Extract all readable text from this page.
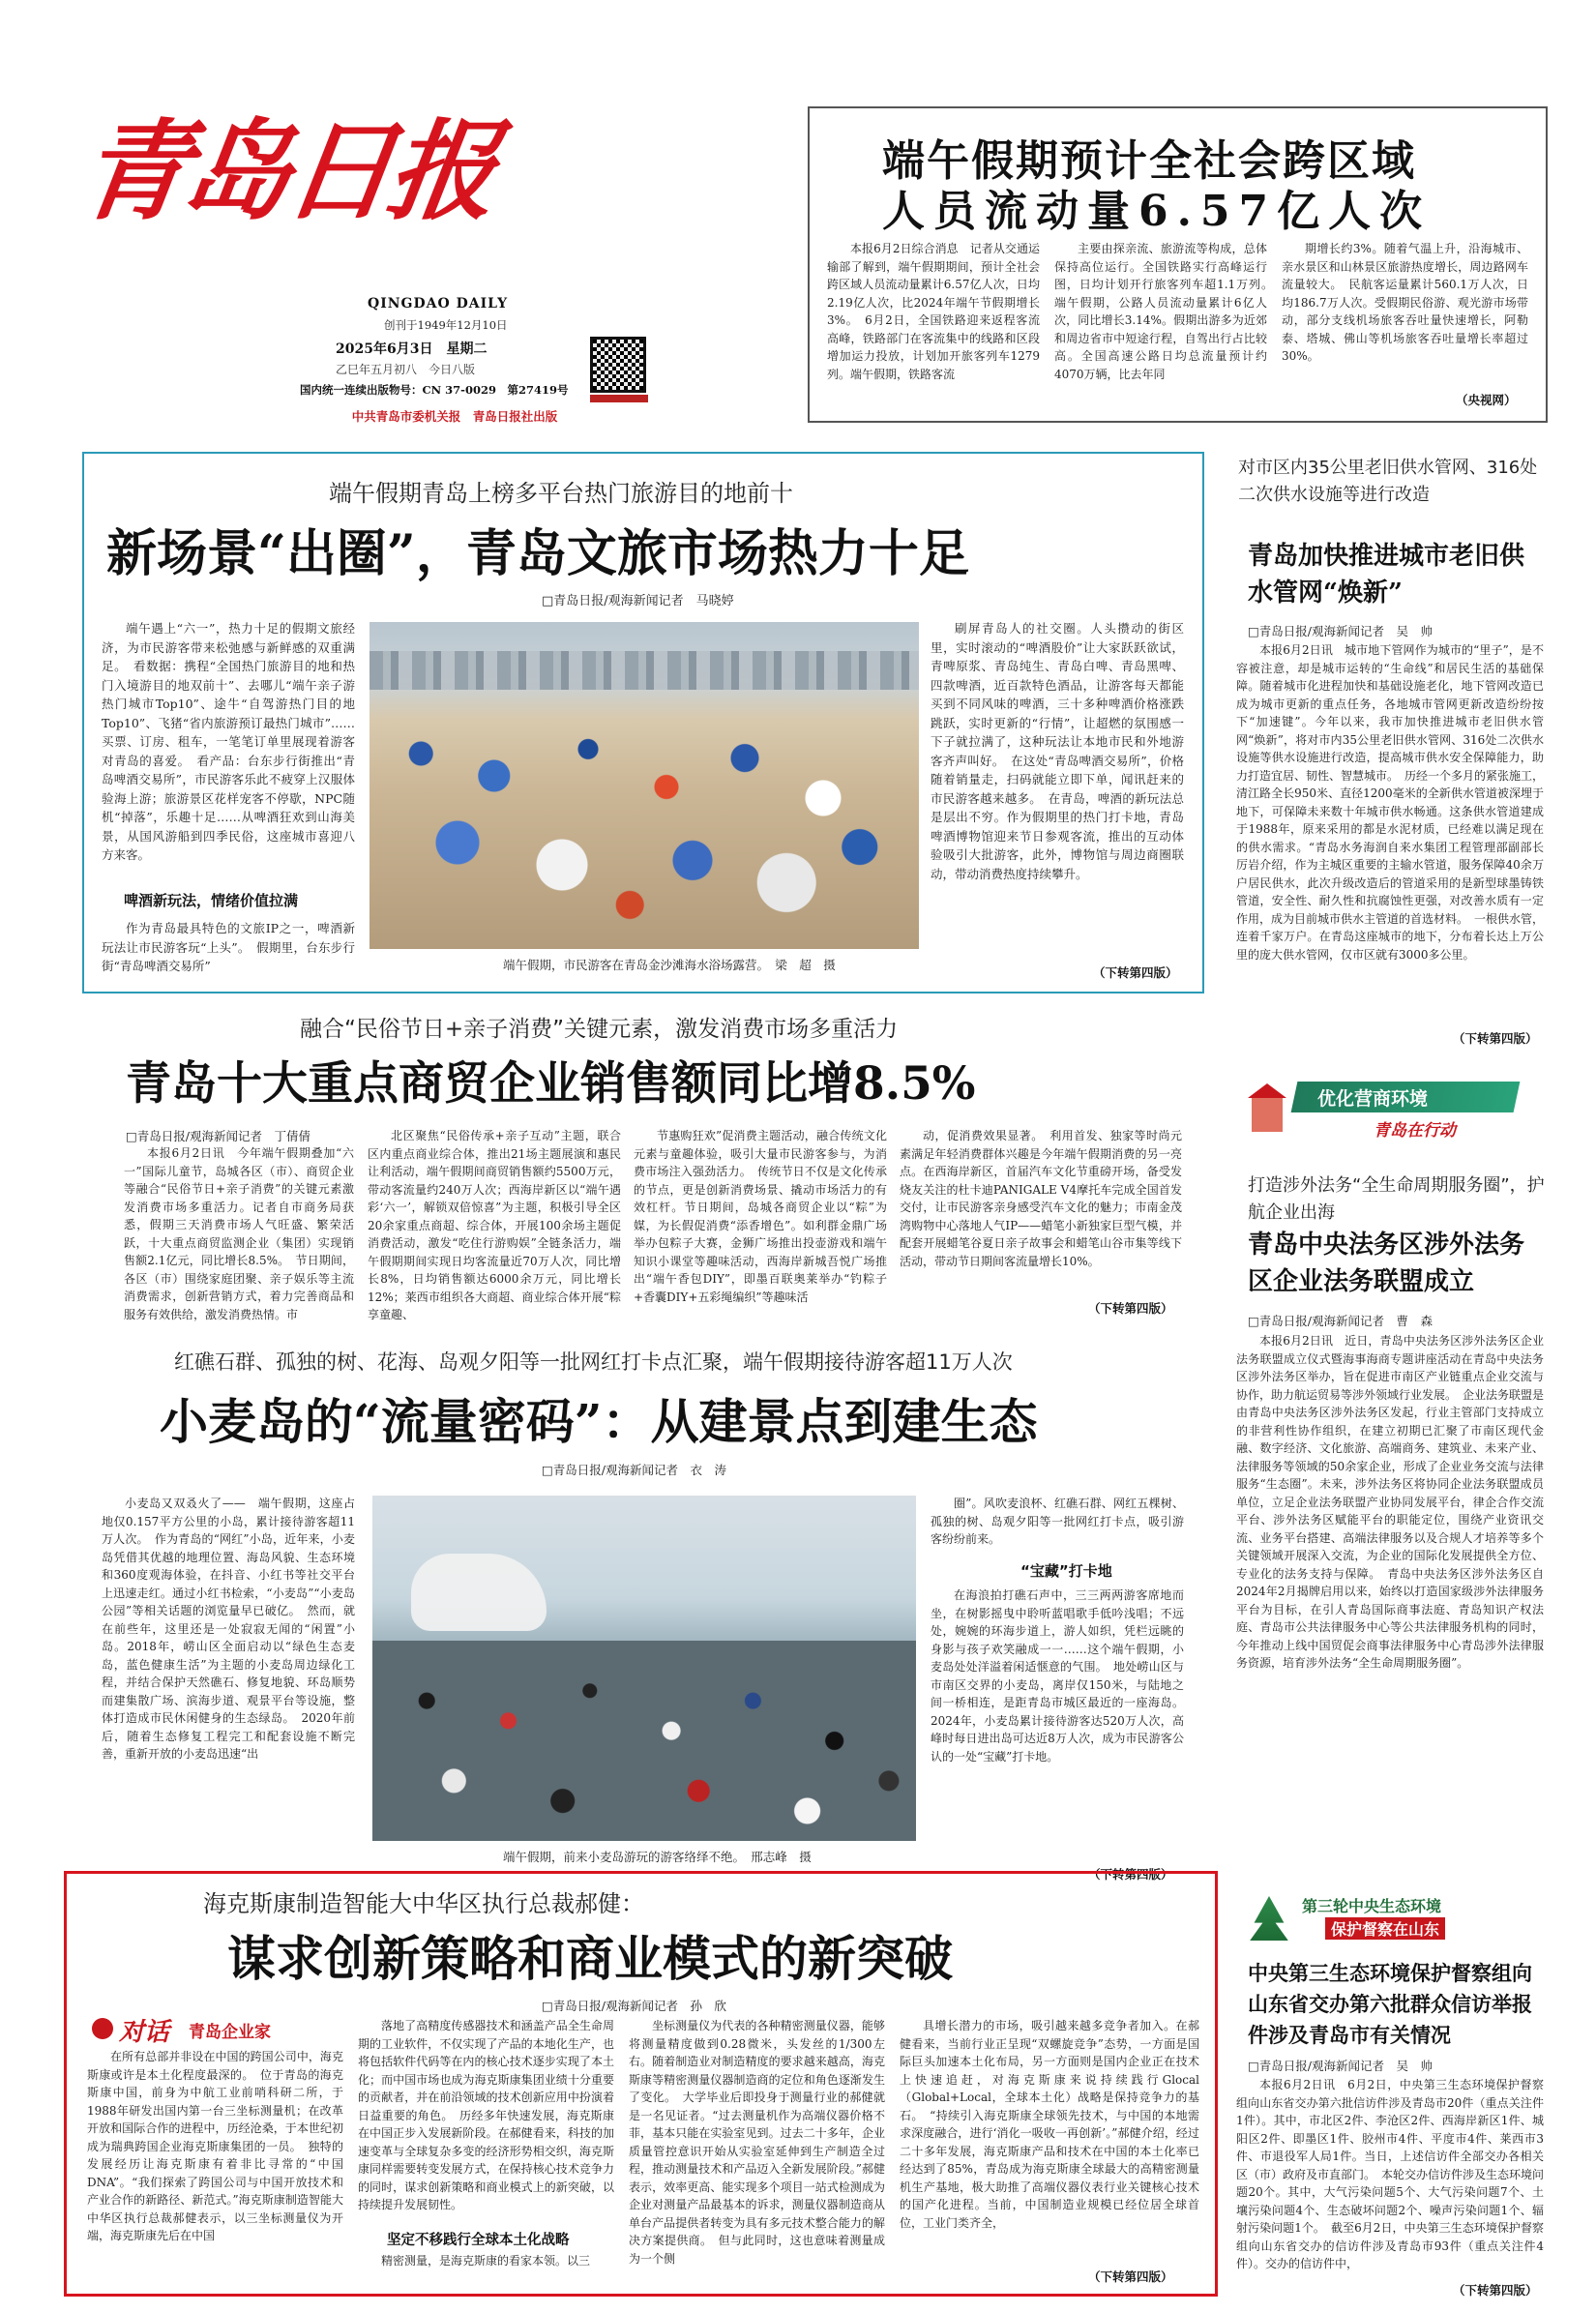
青岛日报
QINGDAO DAILY
创刊于1949年12月10日
2025年6月3日　星期二
乙巳年五月初八　今日八版
国内统一连续出版物号：CN 37-0029　第27419号
中共青岛市委机关报　青岛日报社出版
端午假期预计全社会跨区域
人员流动量6.57亿人次

本报6月2日综合消息　记者从交通运输部了解到，端午假期期间，预计全社会跨区域人员流动量累计6.57亿人次，日均2.19亿人次，比2024年端午节假期增长3%。　6月2日，全国铁路迎来返程客流高峰，铁路部门在客流集中的线路和区段增加运力投放，计划加开旅客列车1279列。端午假期，铁路客流

主要由探亲流、旅游流等构成，总体保持高位运行。全国铁路实行高峰运行图，日均计划开行旅客列车超1.1万列。　端午假期，公路人员流动量累计6亿人次，同比增长3.14%。假期出游多为近郊和周边省市中短途行程，自驾出行占比较高。全国高速公路日均总流量预计约4070万辆，比去年同

期增长约3%。随着气温上升，沿海城市、亲水景区和山林景区旅游热度增长，周边路网车流量较大。　民航客运量累计560.1万人次，日均186.7万人次。受假期民俗游、观光游市场带动，部分支线机场旅客吞吐量快速增长，阿勒泰、塔城、佛山等机场旅客吞吐量增长率超过30%。

（央视网）
端午假期青岛上榜多平台热门旅游目的地前十
新场景“出圈”，青岛文旅市场热力十足
□青岛日报/观海新闻记者　马晓婷

端午遇上“六一”，热力十足的假期文旅经济，为市民游客带来松弛感与新鲜感的双重满足。　看数据：携程“全国热门旅游目的地和热门入境游目的地双前十”、去哪儿“端午亲子游热门城市Top10”、途牛“自驾游热门目的地Top10”、飞猪“省内旅游预订最热门城市”……买票、订房、租车，一笔笔订单里展现着游客对青岛的喜爱。　看产品：台东步行街推出“青岛啤酒交易所”，市民游客乐此不疲穿上汉服体验海上游；旅游景区花样宠客不停歇，NPC随机“掉落”，乐趣十足……从啤酒狂欢到山海美景，从国风游船到四季民俗，这座城市喜迎八方来客。

啤酒新玩法，情绪价值拉满

作为青岛最具特色的文旅IP之一，啤酒新玩法让市民游客玩“上头”。　假期里，台东步行街“青岛啤酒交易所”	端午假期，市民游客在青岛金沙滩海水浴场露营。　梁　超　摄

刷屏青岛人的社交圈。人头攒动的街区里，实时滚动的“啤酒股价”让大家跃跃欲试，青啤原浆、青岛纯生、青岛白啤、青岛黑啤、四款啤酒，近百款特色酒品，让游客每天都能买到不同风味的啤酒，三十多种啤酒价格涨跌跳跃，实时更新的“行情”，让超燃的氛围感一下子就拉满了，这种玩法让本地市民和外地游客齐声叫好。　在这处“青岛啤酒交易所”，价格随着销量走，扫码就能立即下单，闻讯赶来的市民游客越来越多。　在青岛，啤酒的新玩法总是层出不穷。作为假期里的热门打卡地，青岛啤酒博物馆迎来节日参观客流，推出的互动体验吸引大批游客，此外，博物馆与周边商圈联动，带动消费热度持续攀升。

（下转第四版）
对市区内35公里老旧供水管网、316处二次供水设施等进行改造
青岛加快推进城市老旧供水管网“焕新”
□青岛日报/观海新闻记者　吴　帅

本报6月2日讯　城市地下管网作为城市的“里子”，是不容被注意，却是城市运转的“生命线”和居民生活的基础保障。随着城市化进程加快和基础设施老化，地下管网改造已成为城市更新的重点任务，各地城市管网更新改造纷纷按下“加速键”。今年以来，我市加快推进城市老旧供水管网“焕新”，将对市内35公里老旧供水管网、316处二次供水设施等供水设施进行改造，提高城市供水安全保障能力，助力打造宜居、韧性、智慧城市。　历经一个多月的紧张施工，清江路全长950米、直径1200毫米的全新供水管道被深埋于地下，可保障未来数十年城市供水畅通。这条供水管道建成于1988年，原来采用的都是水泥材质，已经难以满足现在的供水需求。“青岛水务海润自来水集团工程管理部副部长厉岩介绍，作为主城区重要的主输水管道，服务保障40余万户居民供水，此次升级改造后的管道采用的是新型球墨铸铁管道，安全性、耐久性和抗腐蚀性更强，对改善水质有一定作用，成为目前城市供水主管道的首选材料。　一根供水管，连着千家万户。在青岛这座城市的地下，分布着长达上万公里的庞大供水管网，仅市区就有3000多公里。

（下转第四版）
融合“民俗节日+亲子消费”关键元素，激发消费市场多重活力
青岛十大重点商贸企业销售额同比增8.5%
□青岛日报/观海新闻记者　丁倩倩

本报6月2日讯　今年端午假期叠加“六一”国际儿童节，岛城各区（市）、商贸企业等融合“民俗节日+亲子消费”的关键元素激发消费市场多重活力。记者自市商务局获悉，假期三天消费市场人气旺盛、繁荣活跃，十大重点商贸监测企业（集团）实现销售额2.1亿元，同比增长8.5%。　节日期间，各区（市）围绕家庭团聚、亲子娱乐等主流消费需求，创新营销方式，着力完善商品和服务有效供给，激发消费热情。市

北区聚焦“民俗传承+亲子互动”主题，联合区内重点商业综合体，推出21场主题展演和惠民让利活动，端午假期间商贸销售额约5500万元，带动客流量约240万人次；西海岸新区以“端午遇彩‘六一’，解锁双倍惊喜”为主题，积极引导全区20余家重点商超、综合体，开展100余场主题促消费活动，激发“吃住行游购娱”全链条活力，端午假期期间实现日均客流量近70万人次，同比增长8%，日均销售额达6000余万元，同比增长12%；莱西市组织各大商超、商业综合体开展“粽享童趣、

节惠购狂欢”促消费主题活动，融合传统文化元素与童趣体验，吸引大量市民游客参与，为消费市场注入强劲活力。　传统节日不仅是文化传承的节点，更是创新消费场景、撬动市场活力的有效杠杆。节日期间，岛城各商贸企业以“粽”为媒，为长假促消费“添香增色”。如利群金鼎广场举办包粽子大赛，金狮广场推出投壶游戏和端午知识小课堂等趣味活动，西海岸新城吾悦广场推出“端午香包DIY”，即墨百联奥莱举办“钓粽子+香囊DIY+五彩绳编织”等趣味活

动，促消费效果显著。　利用首发、独家等时尚元素满足年轻消费群体兴趣是今年端午假期消费的另一亮点。在西海岸新区，首届汽车文化节重磅开场，备受发烧友关注的杜卡迪PANIGALE V4摩托车完成全国首发交付，让市民游客亲身感受汽车文化的魅力；市南金茂湾购物中心落地人气IP——蜡笔小新独家巨型气模，并配套开展蜡笔谷夏日亲子故事会和蜡笔山谷市集等线下活动，带动节日期间客流量增长10%。

（下转第四版）
优化营商环境
青岛在行动
打造涉外法务“全生命周期服务圈”，护航企业出海
青岛中央法务区涉外法务区企业法务联盟成立
□青岛日报/观海新闻记者　曹　森

本报6月2日讯　近日，青岛中央法务区涉外法务区企业法务联盟成立仪式暨海事海商专题讲座活动在青岛中央法务区涉外法务区举办，旨在促进市南区产业链重点企业交流与协作，助力航运贸易等涉外领域行业发展。　企业法务联盟是由青岛中央法务区涉外法务区发起，行业主管部门支持成立的非营利性协作组织，在建立初期已汇聚了市南区现代金融、数字经济、文化旅游、高端商务、建筑业、未来产业、法律服务等领域的50余家企业，形成了企业业务交流与法律服务“生态圈”。未来，涉外法务区将协同企业法务联盟成员单位，立足企业法务联盟产业协同发展平台，律企合作交流平台、涉外法务区赋能平台的职能定位，围绕产业资讯交流、业务平台搭建、高端法律服务以及合规人才培养等多个关键领域开展深入交流，为企业的国际化发展提供全方位、专业化的法务支持与保障。　青岛中央法务区涉外法务区自2024年2月揭牌启用以来，始终以打造国家级涉外法律服务平台为目标，在引人青岛国际商事法庭、青岛知识产权法庭、青岛市公共法律服务中心等公共法律服务机构的同时，今年推动上线中国贸促会商事法律服务中心青岛涉外法律服务资源，培育涉外法务“全生命周期服务圈”。

红礁石群、孤独的树、花海、岛观夕阳等一批网红打卡点汇聚，端午假期接待游客超11万人次
小麦岛的“流量密码”：从建景点到建生态
□青岛日报/观海新闻记者　衣　涛

小麦岛又双叒火了——　端午假期，这座占地仅0.157平方公里的小岛，累计接待游客超11万人次。　作为青岛的“网红”小岛，近年来，小麦岛凭借其优越的地理位置、海岛风貌、生态环境和360度观海体验，在抖音、小红书等社交平台上迅速走红。通过小红书检索，“小麦岛”“小麦岛公园”等相关话题的浏览量早已破亿。　然而，就在前些年，这里还是一处寂寂无闻的“闲置”小岛。2018年，崂山区全面启动以“绿色生态麦岛，蓝色健康生活”为主题的小麦岛周边绿化工程，并结合保护天然礁石、修复地貌、环岛顺势而建集散广场、滨海步道、观景平台等设施，整体打造成市民休闲健身的生态绿岛。　2020年前后，随着生态修复工程完工和配套设施不断完善，重新开放的小麦岛迅速“出

端午假期，前来小麦岛游玩的游客络绎不绝。　邢志峰　摄

圈”。风吹麦浪杯、红礁石群、网红五棵树、孤独的树、岛观夕阳等一批网红打卡点，吸引游客纷纷前来。

“宝藏”打卡地

在海浪拍打礁石声中，三三两两游客席地而坐，在树影摇曳中聆听蓝唱歌手低吟浅唱；不远处，婉婉的环海步道上，游人如织，凭栏远眺的身影与孩子欢笑融成一一……这个端午假期，小麦岛处处洋溢着闲适惬意的气围。　地处崂山区与市南区交界的小麦岛，离岸仅150米，与陆地之间一桥相连，是距青岛市城区最近的一座海岛。2024年，小麦岛累计接待游客达520万人次，高峰时每日进出岛可达近8万人次，成为市民游客公认的一处“宝藏”打卡地。

（下转第四版）
第三轮中央生态环境
保护督察在山东
中央第三生态环境保护督察组向山东省交办第六批群众信访举报件涉及青岛市有关情况
□青岛日报/观海新闻记者　吴　帅

本报6月2日讯　6月2日，中央第三生态环境保护督察组向山东省交办第六批信访件涉及青岛市20件（重点关注件1件）。其中，市北区2件、李沧区2件、西海岸新区1件、城阳区2件、即墨区1件、胶州市4件、平度市4件、莱西市3件、市退役军人局1件。当日，上述信访件全部交办各相关区（市）政府及市直部门。　本轮交办信访件涉及生态环境问题20个。其中，大气污染问题5个、大气污染问题7个、土壤污染问题4个、生态破坏问题2个、噪声污染问题1个、辐射污染问题1个。　截至6月2日，中央第三生态环境保护督察组向山东省交办的信访件涉及青岛市93件（重点关注件4件）。交办的信访件中，

（下转第四版）
海克斯康制造智能大中华区执行总裁郝健：
谋求创新策略和商业模式的新突破
□青岛日报/观海新闻记者　孙　欣
对话 青岛企业家

在所有总部并非设在中国的跨国公司中，海克斯康或许是本土化程度最深的。　位于青岛的海克斯康中国，前身为中航工业前哨科研二所，于1988年研发出国内第一台三坐标测量机；在改革开放和国际合作的进程中，历经沧桑，于本世纪初成为瑞典跨国企业海克斯康集团的一员。　独特的发展经历让海克斯康有着非比寻常的“中国DNA”。“我们探索了跨国公司与中国开放技术和产业合作的新路径、新范式。”海克斯康制造智能大中华区执行总裁郝健表示，以三坐标测量仪为开端，海克斯康先后在中国

落地了高精度传感器技术和涵盖产品全生命周期的工业软件，不仅实现了产品的本地化生产，也将包括软件代码等在内的核心技术逐步实现了本土化；而中国市场也成为海克斯康集团业绩十分重要的贡献者，并在前沿领域的技术创新应用中扮演着日益重要的角色。　历经多年快速发展，海克斯康在中国正步入发展新阶段。在郝健看来，科技的加速变革与全球复杂多变的经济形势相交织，海克斯康同样需要转变发展方式，在保持核心技术竞争力的同时，谋求创新策略和商业模式上的新突破，以持续提升发展韧性。

坚定不移践行全球本土化战略

精密测量，是海克斯康的看家本领。以三

坐标测量仪为代表的各种精密测量仪器，能够将测量精度做到0.28微米，头发丝的1/300左右。随着制造业对制造精度的要求越来越高，海克斯康等精密测量仪器制造商的定位和角色逐渐发生了变化。　大学毕业后即投身于测量行业的郝健就是一名见证者。“过去测量机作为高端仪器价格不菲，基本只能在实验室见到。过去二十多年，企业质量管控意识开始从实验室延伸到生产制造全过程，推动测量技术和产品迈入全新发展阶段。”郝健表示，效率更高、能实现多个项目一站式检测成为企业对测量产品最基本的诉求，测量仪器制造商从单台产品提供者转变为具有多元技术整合能力的解决方案提供商。　但与此同时，这也意味着测量成为一个侧

具增长潜力的市场，吸引越来越多竞争者加入。在郝健看来，当前行业正呈现“双螺旋竞争”态势，一方面是国际巨头加速本土化布局，另一方面则是国内企业正在技术上快速追赶，对海克斯康来说持续践行Glocal（Global+Local，全球本土化）战略是保持竞争力的基石。　“持续引入海克斯康全球领先技术，与中国的本地需求深度融合，进行‘消化一吸收一再创新’。”郝健介绍，经过二十多年发展，海克斯康产品和技术在中国的本土化率已经达到了85%，青岛成为海克斯康全球最大的高精密测量机生产基地，极大助推了高端仪器仪表行业关键核心技术的国产化进程。当前，中国制造业规模已经位居全球首位，工业门类齐全，

（下转第四版）
